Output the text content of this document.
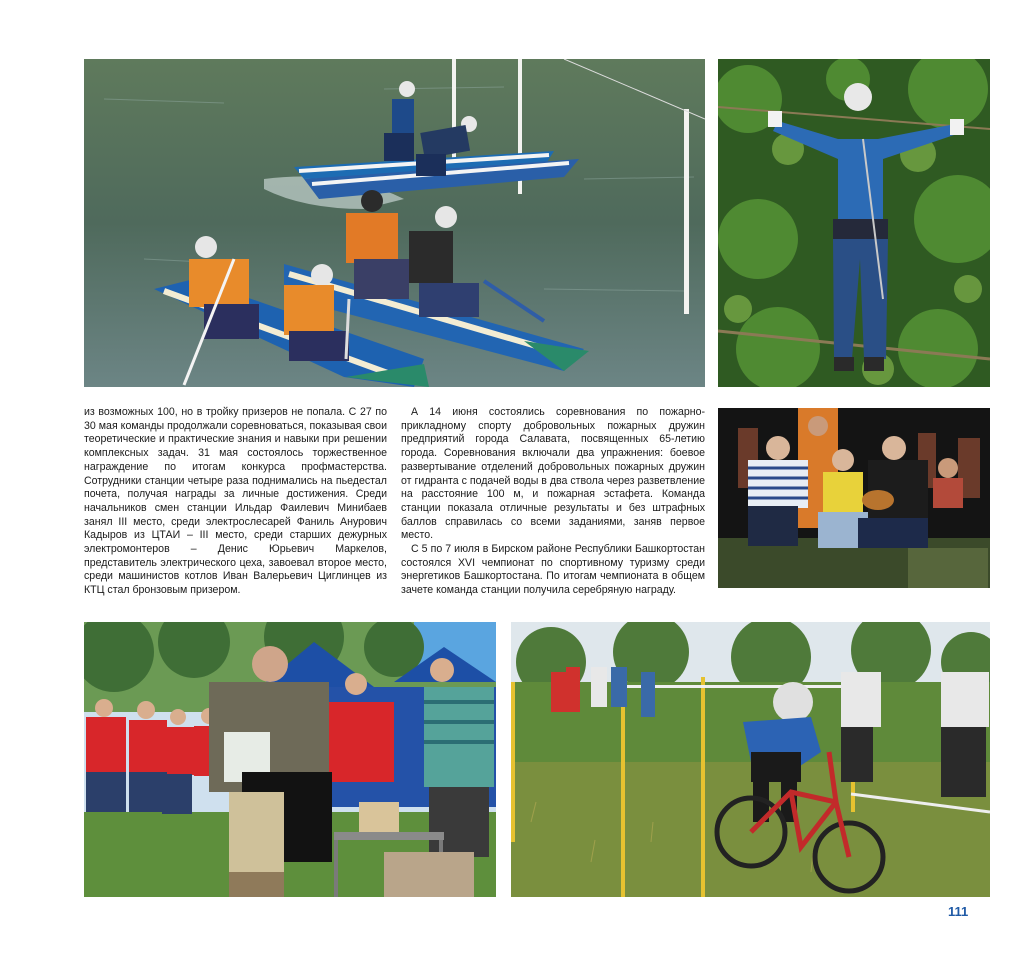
из возможных 100, но в тройку призеров не попала. С 27 по 30 мая команды продолжали соревноваться, показывая свои теоретические и практические знания и навыки при решении комплексных задач. 31 мая состоялось торжественное награждение по итогам конкурса профмастерства. Сотрудники станции четыре раза поднимались на пьедестал почета, получая награды за личные достижения. Среди начальников смен станции Ильдар Фаилевич Минибаев занял III место, среди электрослесарей Фаниль Анурович Кадыров из ЦТАИ – III место, среди старших дежурных электромонтеров – Денис Юрьевич Маркелов, представитель электрического цеха, завоевал второе место, среди машинистов котлов Иван Валерьевич Циглинцев из КТЦ стал бронзовым призером.

А 14 июня состоялись соревнования по пожарно-прикладному спорту добровольных пожарных дружин предприятий города Салавата, посвященных 65-летию города. Соревнования включали два упражнения: боевое развертывание отделений добровольных пожарных дружин от гидранта с подачей воды в два ствола через разветвление на расстояние 100 м, и пожарная эстафета. Команда станции показала отличные результаты и без штрафных баллов справилась со всеми заданиями, заняв первое место.

С 5 по 7 июля в Бирском районе Республики Башкортостан состоялся XVI чемпионат по спортивному туризму среди энергетиков Башкортостана. По итогам чемпионата в общем зачете команда станции получила серебряную награду.

111
